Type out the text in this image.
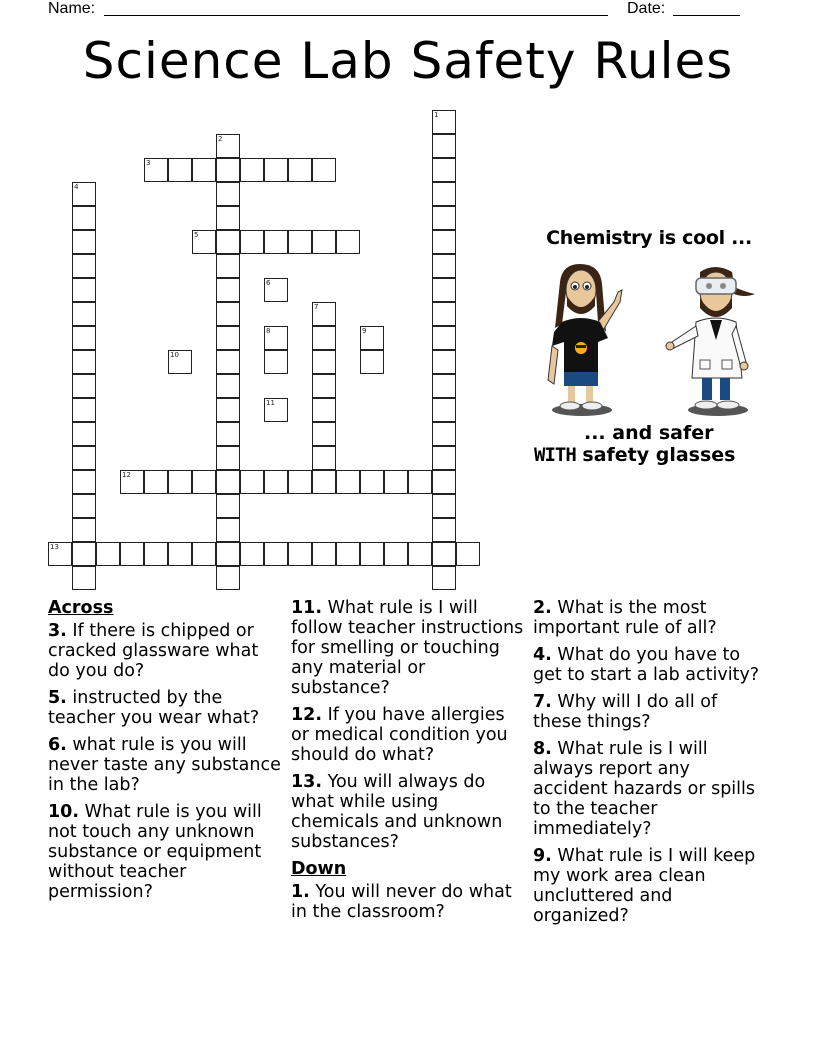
Name:	Date:
Science Lab Safety Rules
1
2
3
4
5
6
7
8	9
10
11
12
13
Chemistry is cool ...
... and safer
WITH safety glasses
Across
3. If there is chipped or cracked glassware what do you do?
5. instructed by the teacher you wear what?
6. what rule is you will never taste any substance in the lab?
10. What rule is you will not touch any unknown substance or equipment without teacher permission?
11. What rule is I will follow teacher instructions for smelling or touching any material or substance?
12. If you have allergies or medical condition you should do what?
13. You will always do what while using chemicals and unknown substances?
Down
1. You will never do what in the classroom?
2. What is the most important rule of all?
4. What do you have to get to start a lab activity?
7. Why will I do all of these things?
8. What rule is I will always report any accident hazards or spills to the teacher immediately?
9. What rule is I will keep my work area clean uncluttered and organized?
